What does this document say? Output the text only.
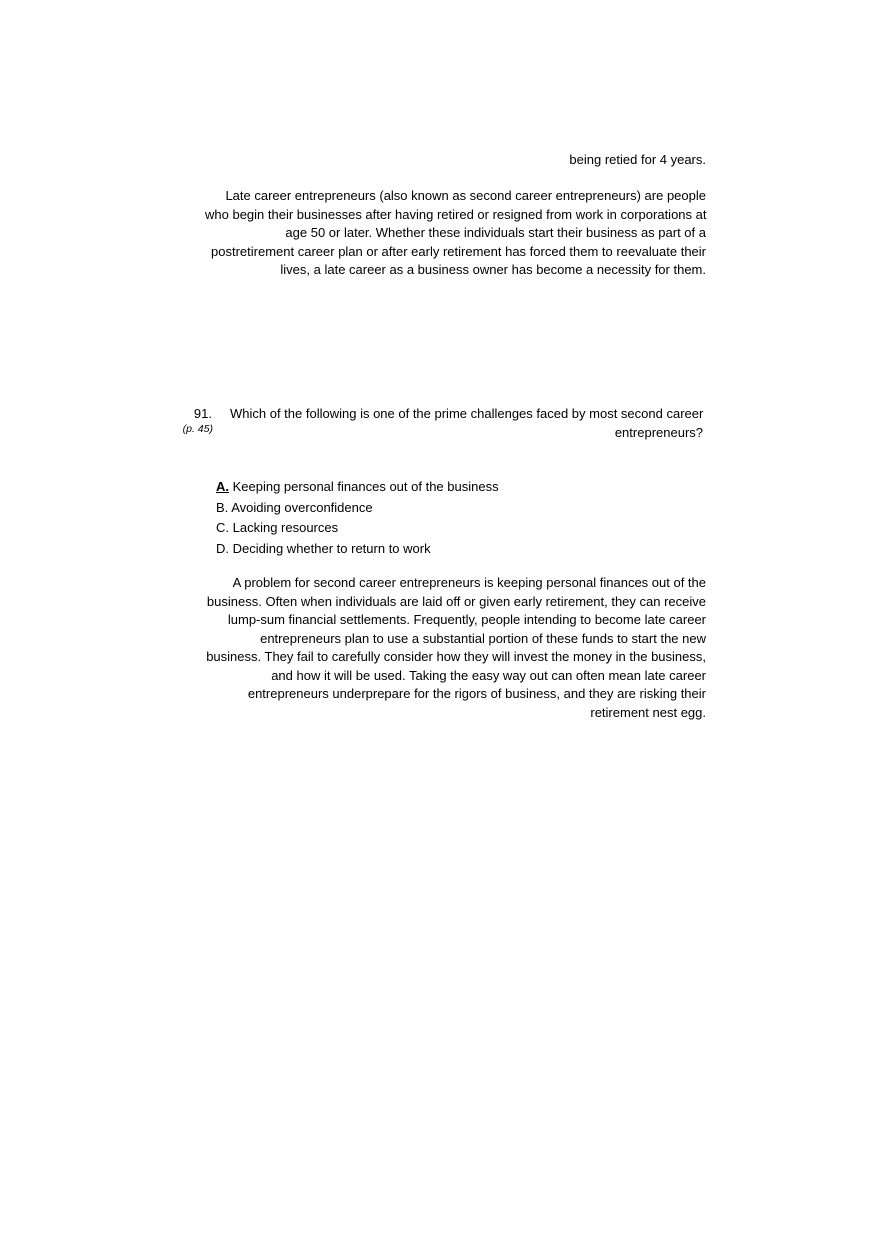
being retied for 4 years.
Late career entrepreneurs (also known as second career entrepreneurs) are people
who begin their businesses after having retired or resigned from work in corporations at
age 50 or later. Whether these individuals start their business as part of a
postretirement career plan or after early retirement has forced them to reevaluate their
lives, a late career as a business owner has become a necessity for them.
91.
(p. 45)
Which of the following is one of the prime challenges faced by most second career
entrepreneurs?
A. Keeping personal finances out of the business
B. Avoiding overconfidence
C. Lacking resources
D. Deciding whether to return to work
A problem for second career entrepreneurs is keeping personal finances out of the
business. Often when individuals are laid off or given early retirement, they can receive
lump-sum financial settlements. Frequently, people intending to become late career
entrepreneurs plan to use a substantial portion of these funds to start the new
business. They fail to carefully consider how they will invest the money in the business,
and how it will be used. Taking the easy way out can often mean late career
entrepreneurs underprepare for the rigors of business, and they are risking their
retirement nest egg.
